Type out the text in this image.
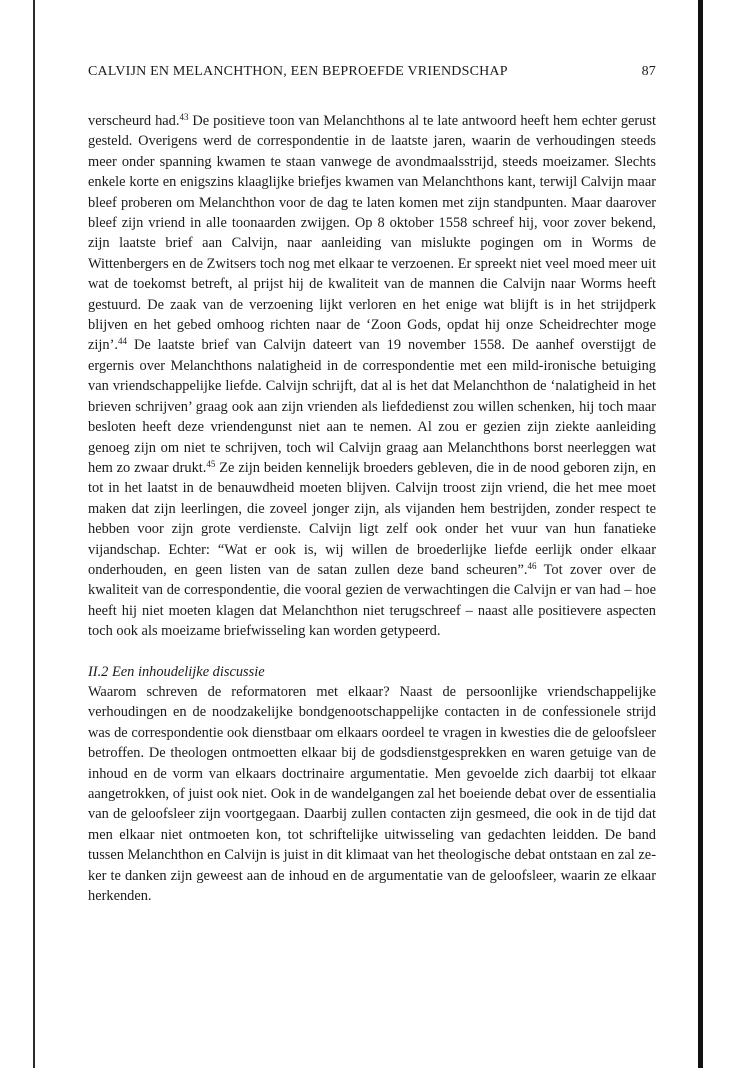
CALVIJN EN MELANCHTHON, EEN BEPROEFDE VRIENDSCHAP	87

verscheurd had.$^{43}$ De positieve toon van Melanchthons al te late antwoord heeft hem echter gerust gesteld. Overigens werd de correspondentie in de laatste jaren, waarin de verhoudingen steeds meer onder spanning kwamen te staan vanwege de avondmaalsstrijd, steeds moeizamer. Slechts enkele korte en enigszins klaaglijke briefjes kwamen van Melanchthons kant, terwijl Calvijn maar bleef proberen om Melanchthon voor de dag te laten komen met zijn standpunten. Maar daarover bleef zijn vriend in alle toonaarden zwijgen. Op 8 oktober 1558 schreef hij, voor zover bekend, zijn laatste brief aan Calvijn, naar aanleiding van mislukte pogingen om in Worms de Wittenbergers en de Zwitsers toch nog met elkaar te verzoenen. Er spreekt niet veel moed meer uit wat de toekomst betreft, al prijst hij de kwaliteit van de mannen die Calvijn naar Worms heeft gestuurd. De zaak van de verzoening lijkt verloren en het enige wat blijft is in het strijdperk blijven en het gebed omhoog richten naar de ‘Zoon Gods, opdat hij onze Scheidrechter moge zijn’.$^{44}$ De laatste brief van Calvijn dateert van 19 november 1558. De aanhef overstijgt de ergernis over Melanchthons nalatigheid in de correspondentie met een mild-ironische betuiging van vriendschappelijke liefde. Calvijn schrijft, dat al is het dat Melanchthon de ‘nalatigheid in het brieven schrijven’ graag ook aan zijn vrienden als liefdedienst zou willen schenken, hij toch maar besloten heeft deze vriendengunst niet aan te nemen. Al zou er gezien zijn ziekte aanleiding genoeg zijn om niet te schrijven, toch wil Calvijn graag aan Melanchthons borst neerleggen wat hem zo zwaar drukt.$^{45}$ Ze zijn beiden kennelijk broeders gebleven, die in de nood geboren zijn, en tot in het laatst in de benauwdheid moeten blijven. Calvijn troost zijn vriend, die het mee moet maken dat zijn leerlingen, die zoveel jonger zijn, als vijanden hem bestrijden, zonder respect te hebben voor zijn grote verdienste. Calvijn ligt zelf ook onder het vuur van hun fanatieke vijandschap. Echter: “Wat er ook is, wij willen de broederlijke liefde eerlijk onder elkaar onderhouden, en geen listen van de satan zullen deze band scheuren”.$^{46}$ Tot zover over de kwaliteit van de correspondentie, die vooral gezien de verwachtingen die Calvijn er van had – hoe heeft hij niet moeten klagen dat Melanchthon niet terugschreef – naast alle positievere aspecten toch ook als moeizame briefwisseling kan worden getypeerd.

II.2 Een inhoudelijke discussie

Waarom schreven de reformatoren met elkaar? Naast de persoonlijke vriendschappelijke verhoudingen en de noodzakelijke bondgenootschappelijke contacten in de confessionele strijd was de correspondentie ook dienstbaar om elkaars oordeel te vragen in kwesties die de geloofsleer betroffen. De theologen ontmoetten elkaar bij de godsdienstgesprekken en waren getuige van de inhoud en de vorm van elkaars doctrinaire argumentatie. Men gevoelde zich daarbij tot elkaar aangetrokken, of juist ook niet. Ook in de wandelgangen zal het boeiende debat over de essentialia van de geloofsleer zijn voortgegaan. Daarbij zullen contacten zijn gesmeed, die ook in de tijd dat men elkaar niet ontmoeten kon, tot schriftelijke uitwisseling van gedachten leidden. De band tussen Melanchthon en Calvijn is juist in dit klimaat van het theologische debat ontstaan en zal zeker te danken zijn geweest aan de inhoud en de argumentatie van de geloofsleer, waarin ze elkaar herkenden.
